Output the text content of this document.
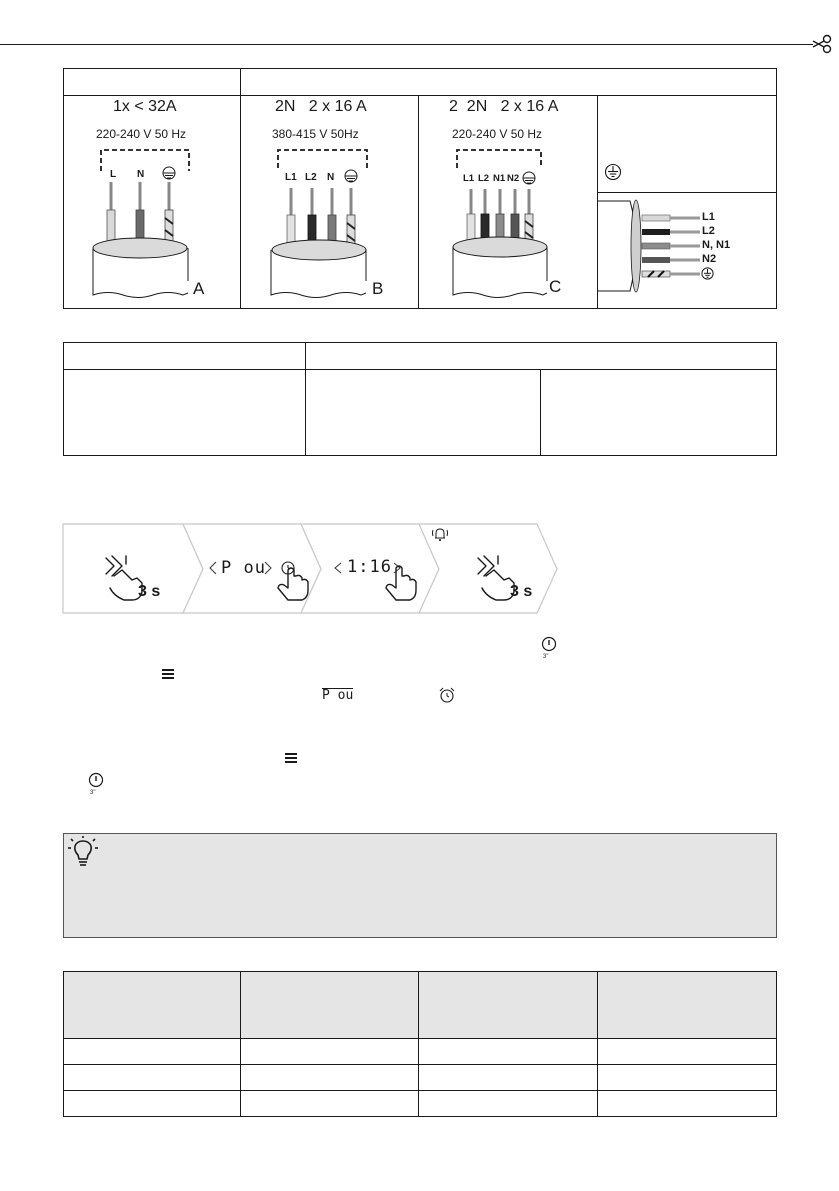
1x < 32A
220-240 V 50 Hz
L N
A
2N   2 x 16 A
380-415 V 50Hz
L1 L2 N
B
2  2N   2 x 16 A
220-240 V 50 Hz
L1 L2 N1 N2
C
L1
L2
N, N1
N2
3 s
P ou	1:16
3 s
3"
P ou
3"
